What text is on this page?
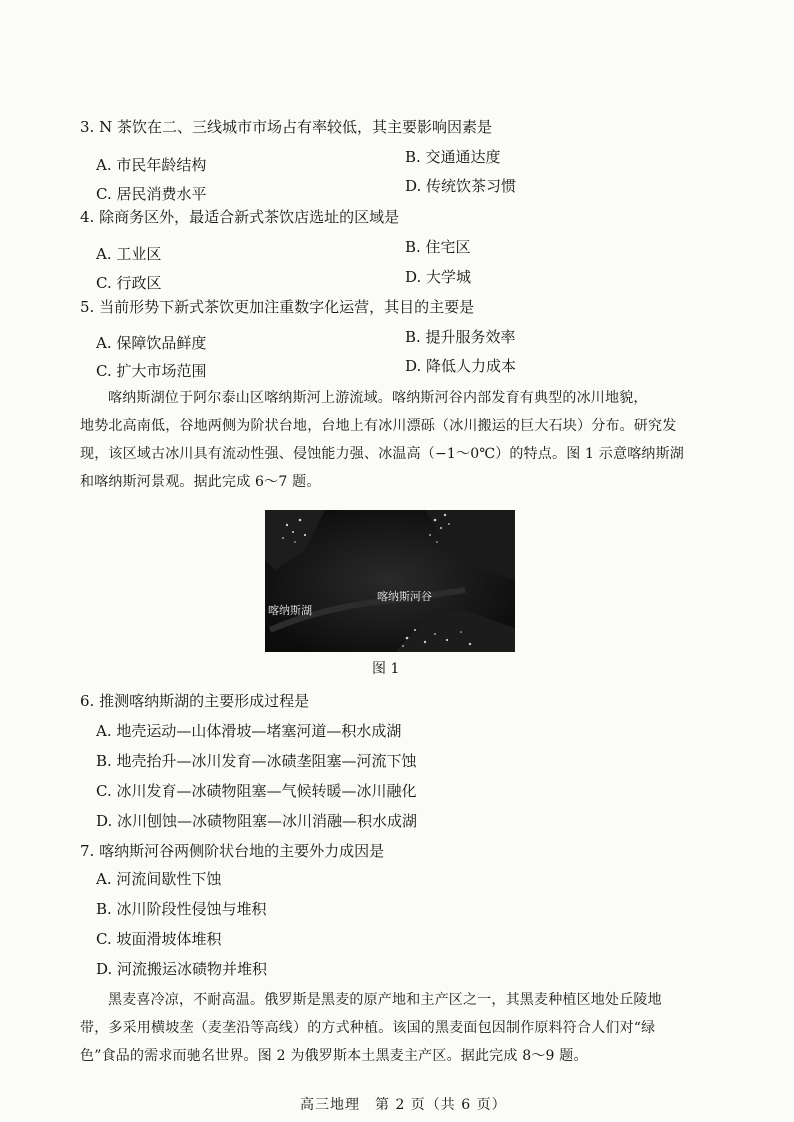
3. N 茶饮在二、三线城市市场占有率较低，其主要影响因素是
A. 市民年龄结构	B. 交通通达度
C. 居民消费水平	D. 传统饮茶习惯
4. 除商务区外，最适合新式茶饮店选址的区域是
A. 工业区	B. 住宅区
C. 行政区	D. 大学城
5. 当前形势下新式茶饮更加注重数字化运营，其目的主要是
A. 保障饮品鲜度	B. 提升服务效率
C. 扩大市场范围	D. 降低人力成本
喀纳斯湖位于阿尔泰山区喀纳斯河上游流域。喀纳斯河谷内部发育有典型的冰川地貌，
地势北高南低，谷地两侧为阶状台地，台地上有冰川漂砾（冰川搬运的巨大石块）分布。研究发
现，该区域古冰川具有流动性强、侵蚀能力强、冰温高（−1～0℃）的特点。图 1 示意喀纳斯湖
和喀纳斯河景观。据此完成 6～7 题。
喀纳斯湖
喀纳斯河谷
图 1
6. 推测喀纳斯湖的主要形成过程是
A. 地壳运动—山体滑坡—堵塞河道—积水成湖
B. 地壳抬升—冰川发育—冰碛垄阻塞—河流下蚀
C. 冰川发育—冰碛物阻塞—气候转暖—冰川融化
D. 冰川刨蚀—冰碛物阻塞—冰川消融—积水成湖
7. 喀纳斯河谷两侧阶状台地的主要外力成因是
A. 河流间歇性下蚀
B. 冰川阶段性侵蚀与堆积
C. 坡面滑坡体堆积
D. 河流搬运冰碛物并堆积
黑麦喜冷凉，不耐高温。俄罗斯是黑麦的原产地和主产区之一，其黑麦种植区地处丘陵地
带，多采用横坡垄（麦垄沿等高线）的方式种植。该国的黑麦面包因制作原料符合人们对“绿
色”食品的需求而驰名世界。图 2 为俄罗斯本土黑麦主产区。据此完成 8～9 题。
高三地理　第 2 页（共 6 页）
